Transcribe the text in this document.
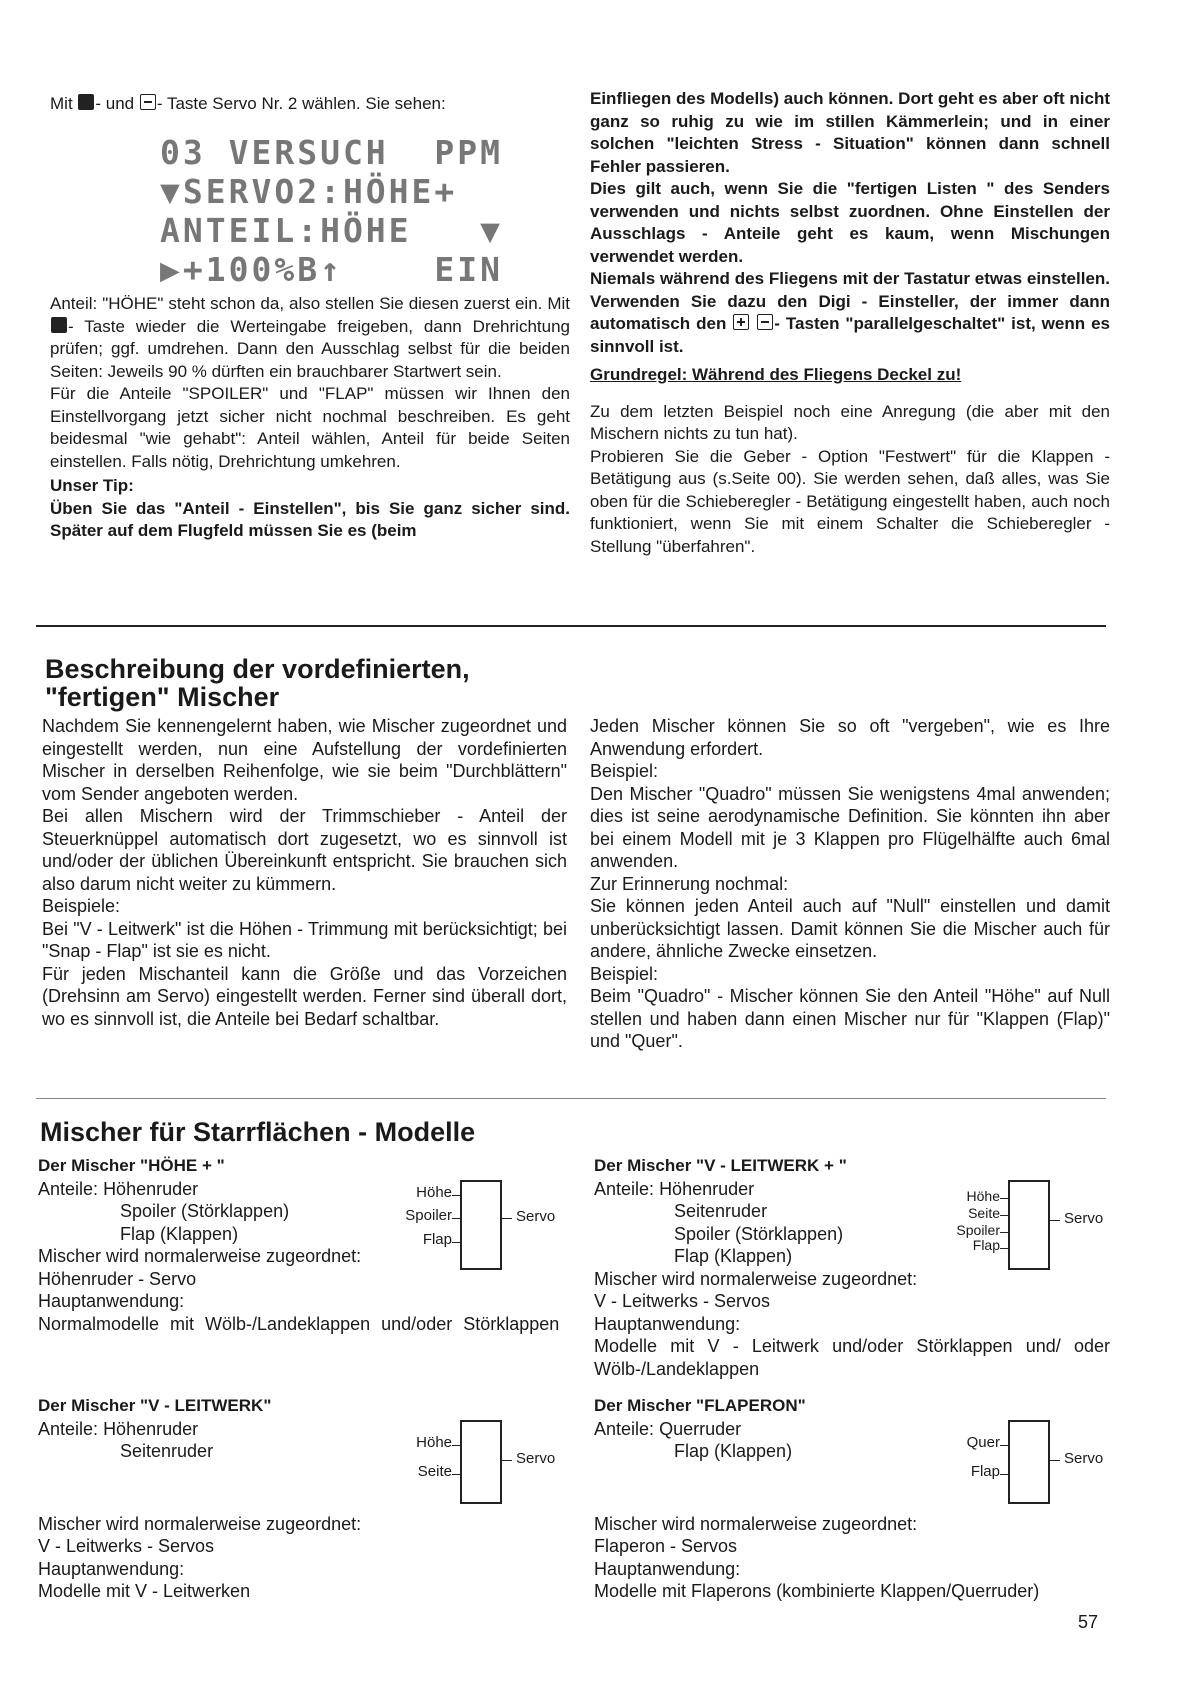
Mit - und - Taste Servo Nr. 2 wählen. Sie sehen:

03 VERSUCH  PPM
▼SERVO2:HÖHE+
ANTEIL:HÖHE   ▼
▶+100%B↑    EIN

Anteil: "HÖHE" steht schon da, also stellen Sie diesen zuerst ein. Mit - Taste wieder die Werteingabe freigeben, dann Drehrichtung prüfen; ggf. umdrehen. Dann den Ausschlag selbst für die beiden Seiten: Jeweils 90 % dürften ein brauchbarer Startwert sein.

Für die Anteile "SPOILER" und "FLAP" müssen wir Ihnen den Einstellvorgang jetzt sicher nicht nochmal beschreiben. Es geht beidesmal "wie gehabt": Anteil wählen, Anteil für beide Seiten einstellen. Falls nötig, Drehrichtung umkehren.

Unser Tip:

Üben Sie das "Anteil - Einstellen", bis Sie ganz sicher sind. Später auf dem Flugfeld müssen Sie es (beim

Einfliegen des Modells) auch können. Dort geht es aber oft nicht ganz so ruhig zu wie im stillen Kämmerlein; und in einer solchen "leichten Stress - Situation" können dann schnell Fehler passieren.

Dies gilt auch, wenn Sie die "fertigen Listen " des Senders verwenden und nichts selbst zuordnen. Ohne Einstellen der Ausschlags - Anteile geht es kaum, wenn Mischungen verwendet werden.

Niemals während des Fliegens mit der Tastatur etwas einstellen. Verwenden Sie dazu den Digi - Einsteller, der immer dann automatisch den  - Tasten "parallelgeschaltet" ist, wenn es sinnvoll ist.

Grundregel: Während des Fliegens Deckel zu!

Zu dem letzten Beispiel noch eine Anregung (die aber mit den Mischern nichts zu tun hat).

Probieren Sie die Geber - Option "Festwert" für die Klappen - Betätigung aus (s.Seite 00). Sie werden sehen, daß alles, was Sie oben für die Schieberegler - Betätigung eingestellt haben, auch noch funktioniert, wenn Sie mit einem Schalter die Schieberegler - Stellung "überfahren".

Beschreibung der vordefinierten,
"fertigen" Mischer

Nachdem Sie kennengelernt haben, wie Mischer zugeordnet und eingestellt werden, nun eine Aufstellung der vordefinierten Mischer in derselben Reihenfolge, wie sie beim "Durchblättern" vom Sender angeboten werden.

Bei allen Mischern wird der Trimmschieber - Anteil der Steuerknüppel automatisch dort zugesetzt, wo es sinnvoll ist und/oder der üblichen Übereinkunft entspricht. Sie brauchen sich also darum nicht weiter zu kümmern.

Beispiele:

Bei "V - Leitwerk" ist die Höhen - Trimmung mit berücksichtigt; bei "Snap - Flap" ist sie es nicht.

Für jeden Mischanteil kann die Größe und das Vorzeichen (Drehsinn am Servo) eingestellt werden. Ferner sind überall dort, wo es sinnvoll ist, die Anteile bei Bedarf schaltbar.

Jeden Mischer können Sie so oft "vergeben", wie es Ihre Anwendung erfordert.

Beispiel:

Den Mischer "Quadro" müssen Sie wenigstens 4mal anwenden; dies ist seine aerodynamische Definition. Sie könnten ihn aber bei einem Modell mit je 3 Klappen pro Flügelhälfte auch 6mal anwenden.

Zur Erinnerung nochmal:

Sie können jeden Anteil auch auf "Null" einstellen und damit unberücksichtigt lassen. Damit können Sie die Mischer auch für andere, ähnliche Zwecke einsetzen.

Beispiel:

Beim "Quadro" - Mischer können Sie den Anteil "Höhe" auf Null stellen und haben dann einen Mischer nur für "Klappen (Flap)" und "Quer".

Mischer für Starrflächen - Modelle

Der Mischer "HÖHE + "

Anteile: Höhenruder

Spoiler (Störklappen)

Flap (Klappen)

Mischer wird normalerweise zugeordnet:

Höhenruder - Servo

Hauptanwendung:

Normalmodelle mit Wölb-/Landeklappen und/oder Störklappen

Höhe
Spoiler
Flap
Servo

Der Mischer "V - LEITWERK"

Anteile: Höhenruder

Seitenruder

Mischer wird normalerweise zugeordnet:

V - Leitwerks - Servos

Hauptanwendung:

Modelle mit V - Leitwerken

Höhe
Seite
Servo

Der Mischer "V - LEITWERK + "

Anteile: Höhenruder

Seitenruder

Spoiler (Störklappen)

Flap (Klappen)

Mischer wird normalerweise zugeordnet:

V - Leitwerks - Servos

Hauptanwendung:

Modelle mit V - Leitwerk und/oder Störklappen und/ oder Wölb-/Landeklappen

Höhe
Seite
Spoiler
Flap
Servo

Der Mischer "FLAPERON"

Anteile: Querruder

Flap (Klappen)

Mischer wird normalerweise zugeordnet:

Flaperon - Servos

Hauptanwendung:

Modelle mit Flaperons (kombinierte Klappen/Querruder)

Quer
Flap
Servo
57
